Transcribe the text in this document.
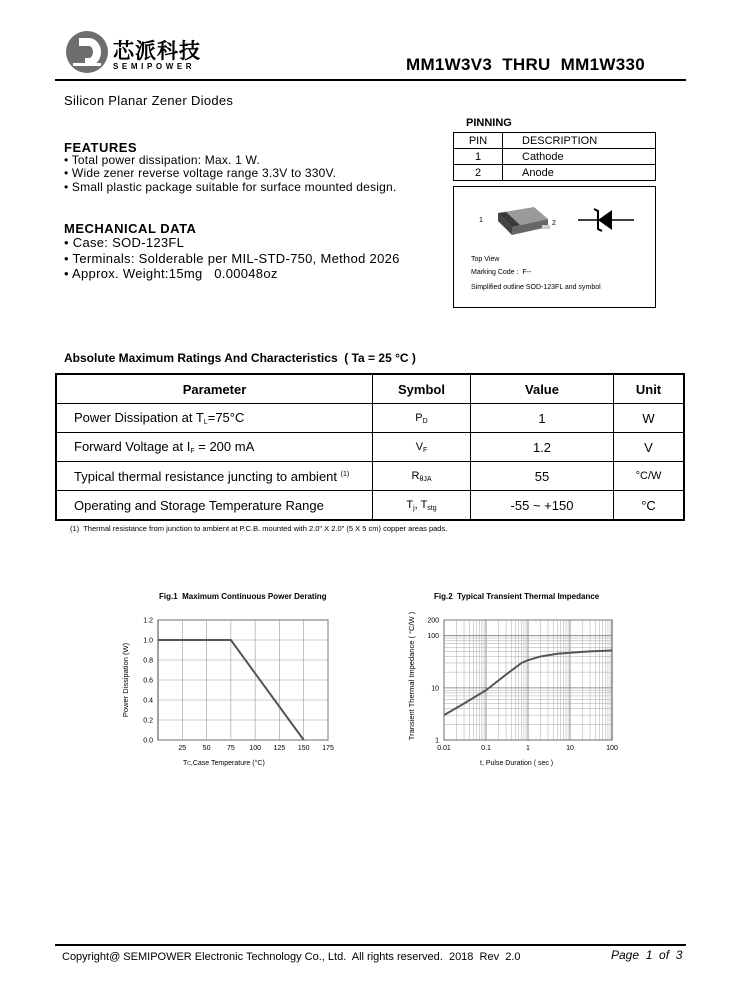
芯派科技
SEMIPOWER	MM1W3V3  THRU  MM1W330
Silicon Planar Zener Diodes
FEATURES
• Total power dissipation: Max. 1 W.
• Wide zener reverse voltage range 3.3V to 330V.
• Small plastic package suitable for surface mounted design.
MECHANICAL DATA
• Case: SOD-123FL
• Terminals: Solderable per MIL-STD-750, Method 2026
• Approx. Weight:15mg   0.00048oz
PINNING
PIN	DESCRIPTION
1	Cathode
2	Anode
1	2
Top View
Marking Code :  F--
Simplified outline SOD-123FL and symbol
Absolute Maximum Ratings And Characteristics  ( Ta = 25 °C )
Parameter	Symbol	Value	Unit
Power Dissipation at $T_L=75^\circ C$	$P_D$	1	W
Forward Voltage at $I_F = 200$ mA	$V_F$	1.2	V
Typical thermal resistance juncting to ambient $^{(1)}$	$R_{\theta JA}$	55	°C/W
Operating and Storage Temperature Range	$T_j$, $T_{stg}$	-55 ~ +150	°C
(1)  Thermal resistance from junction to ambient at P.C.B. mounted with 2.0" X 2.0" (5 X 5 cm) copper areas pads.
Fig.1  Maximum Continuous Power Derating
25 50 75 100 125 150 175
0.0
0.2
0.4
0.6
0.8
1.0
1.2
Power Dissipation (W)
TC,Case Temperature (°C)
Fig.2  Typical Transient Thermal Impedance
0.01	0.1	1	10	100
1
10
100
200
Transient Thermal Impedance ( °C/W )
t, Pulse Duration ( sec )
Copyright@ SEMIPOWER Electronic Technology Co., Ltd.  All rights reserved.  2018  Rev  2.0	Page  1  of  3
